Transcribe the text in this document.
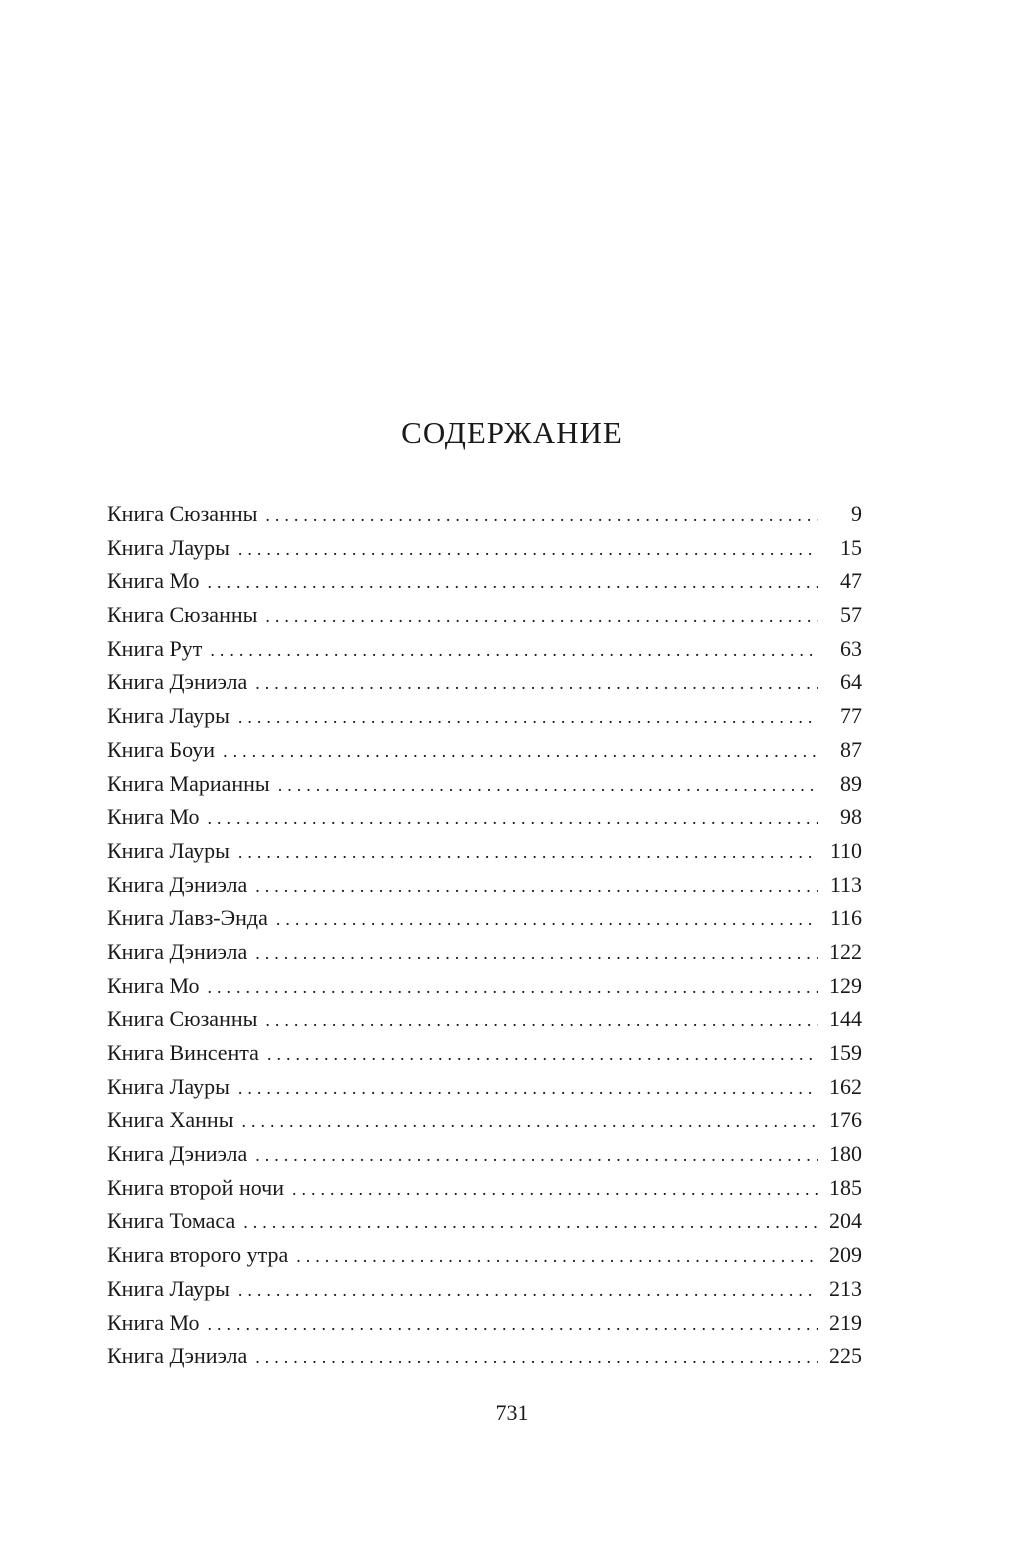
СОДЕРЖАНИЕ
Книга Сюзанны . . .	9
Книга Лауры . . .	15
Книга Мо . . .	47
Книга Сюзанны . . .	57
Книга Рут . . .	63
Книга Дэниэла . . .	64
Книга Лауры . . .	77
Книга Боуи . . .	87
Книга Марианны . . .	89
Книга Мо . . .	98
Книга Лауры . . .	110
Книга Дэниэла . . .	113
Книга Лавз-Энда . . .	116
Книга Дэниэла . . .	122
Книга Мо . . .	129
Книга Сюзанны . . .	144
Книга Винсента . . .	159
Книга Лауры . . .	162
Книга Ханны . . .	176
Книга Дэниэла . . .	180
Книга второй ночи . . .	185
Книга Томаса . . .	204
Книга второго утра . . .	209
Книга Лауры . . .	213
Книга Мо . . .	219
Книга Дэниэла . . .	225
731
